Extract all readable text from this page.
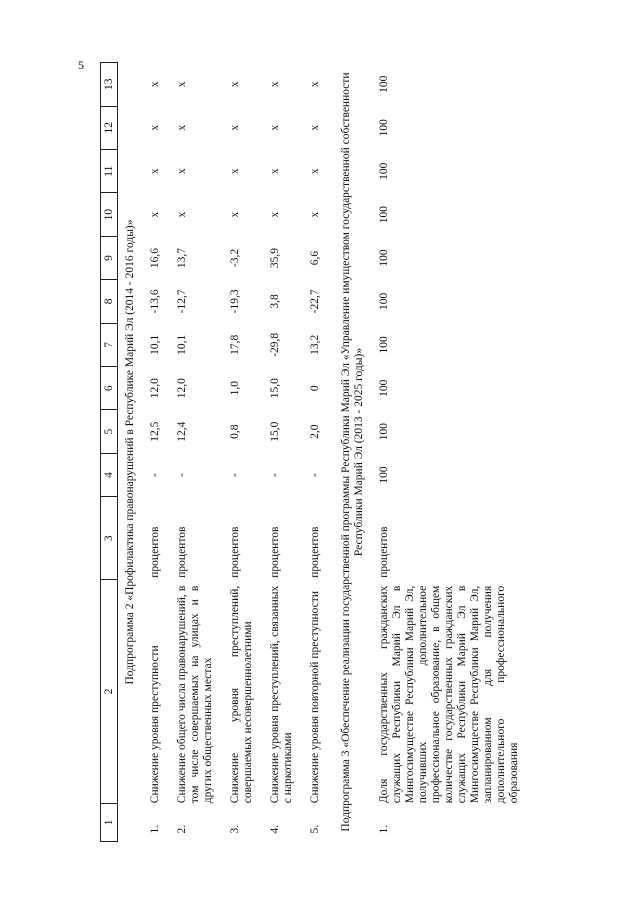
5
1	2	3	4	5	6	7	8	9	10	11	12	13
Подпрограмма 2 «Профилактика правонарушений в Республике Марий Эл (2014 - 2016 годы)»												
1.	Снижение уровня преступности	процентов	-	12,5	12,0	10,1	-13,6	16,6	x	x	x	x
2.	Снижение общего числа правонарушений, в том числе совершаемых на улицах и в других общественных местах	процентов	-	12,4	12,0	10,1	-12,7	13,7	x	x	x	x
3.	Снижение уровня преступлений, совершаемых несовершеннолетними	процентов	-	0,8	1,0	17,8	-19,3	-3,2	x	x	x	x
4.	Снижение уровня преступлений, связанных с наркотиками	процентов	-	15,0	15,0	-29,8	3,8	35,9	x	x	x	x
5.	Снижение уровня повторной преступности	процентов	-	2,0	0	13,2	-22,7	6,6	x	x	x	x
Подпрограмма 3 «Обеспечение реализации государственной программы Республики Марий Эл «Управление имуществом государственной собственности Республики Марий Эл (2013 - 2025 годы)»												
1.	Доля государственных гражданских служащих Республики Марий Эл в Мингосимуществе Республики Марий Эл, получивших дополнительное профессиональное образование, в общем количестве государственных гражданских служащих Республики Марий Эл в Мингосимуществе Республики Марий Эл, запланированном для получения дополнительного профессионального образования	процентов	100	100	100	100	100	100	100	100	100	100
